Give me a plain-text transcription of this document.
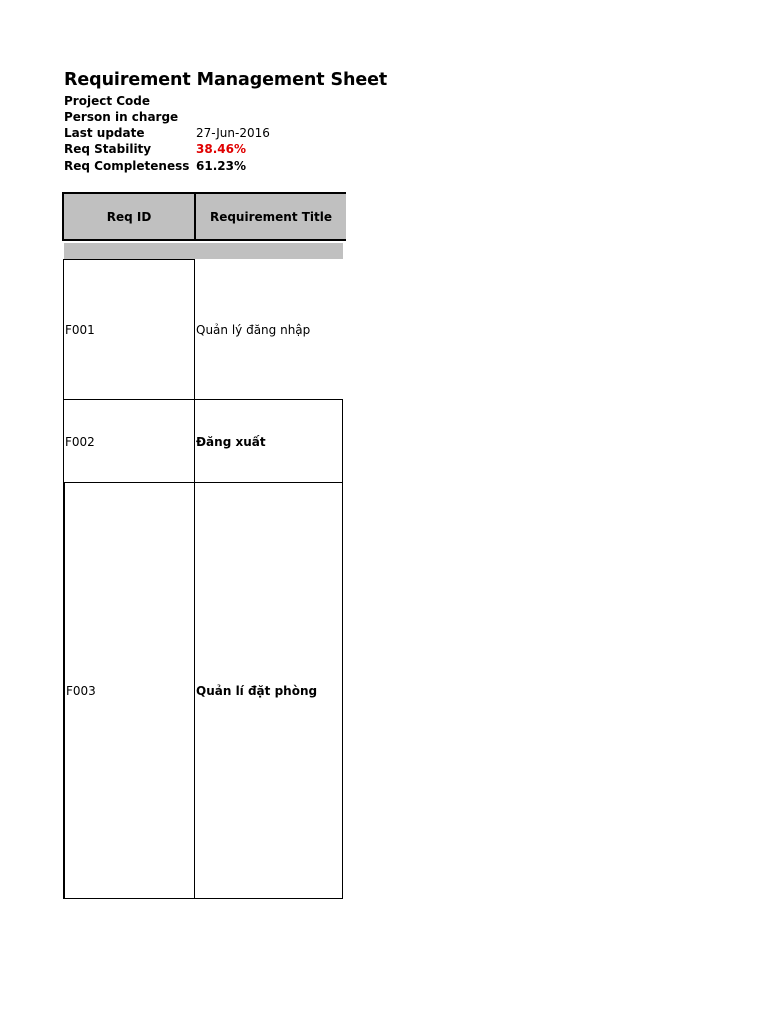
Requirement Management Sheet
Project Code
Person in charge
Last update	27-Jun-2016
Req Stability	38.46%
Req Completeness 61.23%
Req ID	Requirement Title
F001	Quản lý đăng nhập
F002	Đăng xuất
F003	Quản lí đặt phòng
